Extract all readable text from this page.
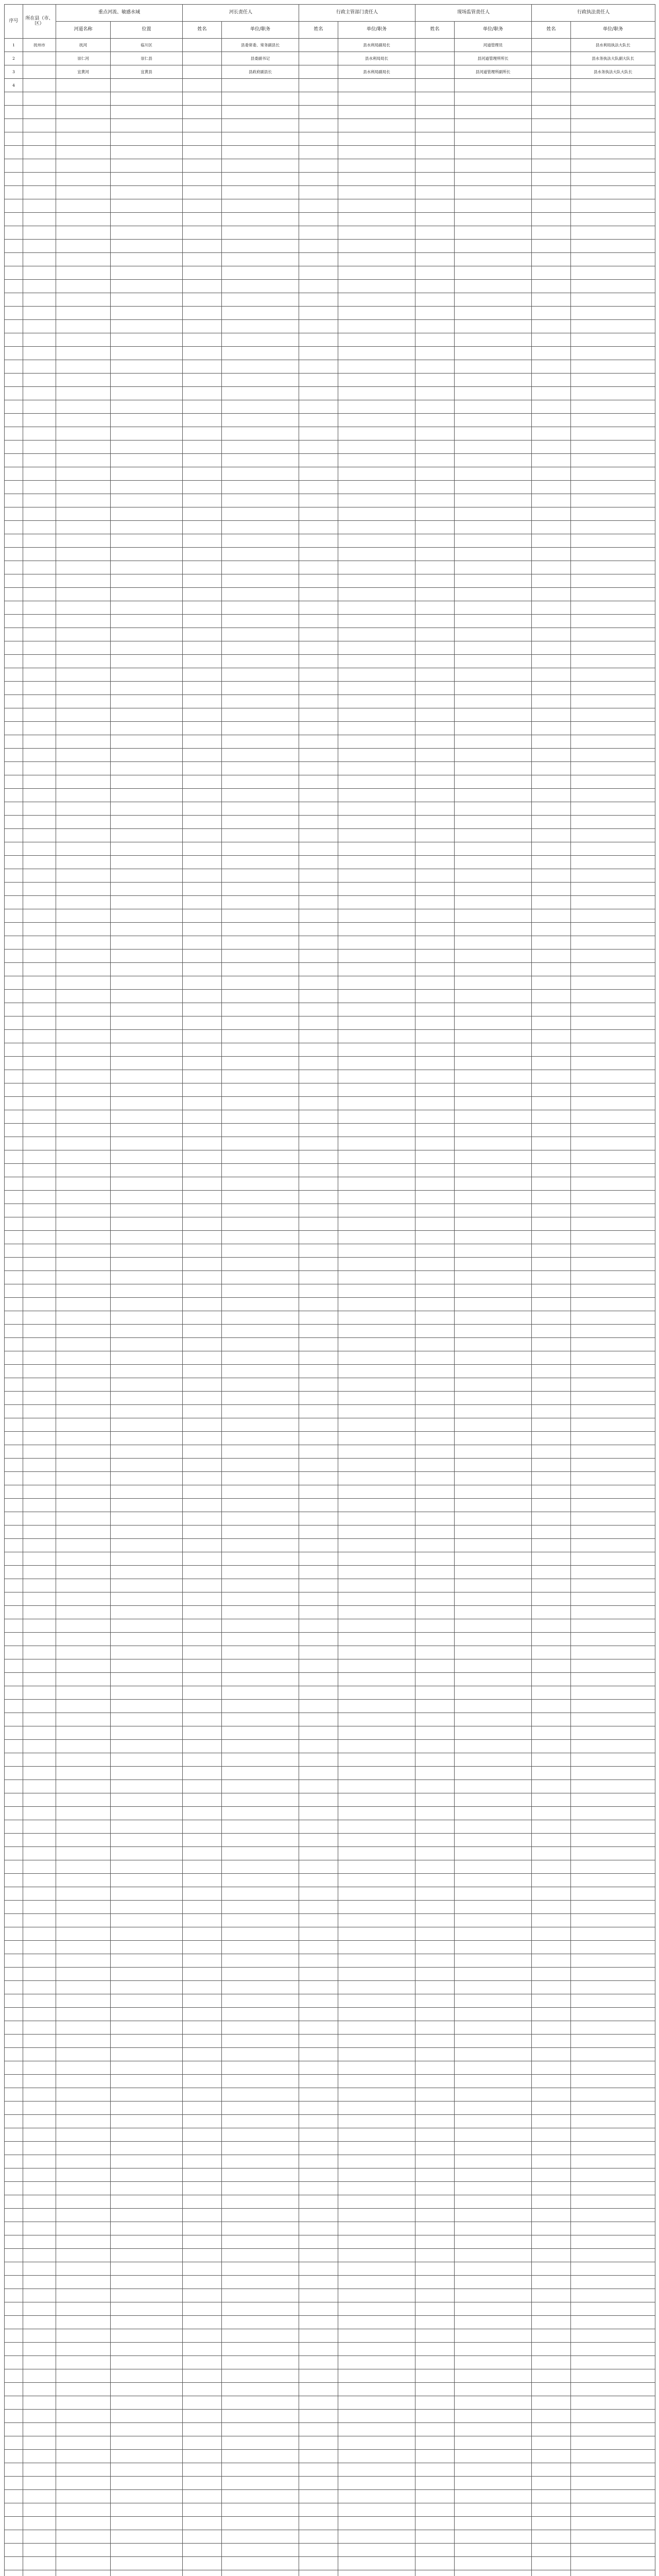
序号	所在县（市、区）	重点河流、敏感水域		河长责任人		行政主管部门责任人		现场监管责任人		行政执法责任人	
		河道名称	位置	姓名	单位/职务	姓名	单位/职务	姓名	单位/职务	姓名	单位/职务
1	抚州市	抚河	临川区		县委常委、常务副县长		县水利局副局长		河道管理员		县水利局执法大队长
2		崇仁河	崇仁县		县委副书记		县水利局局长		县河道管理所所长		县水务执法大队副大队长
3		宜黄河	宜黄县		县政府副县长		县水利局副局长		县河道管理所副所长		县水务执法大队大队长
4											
